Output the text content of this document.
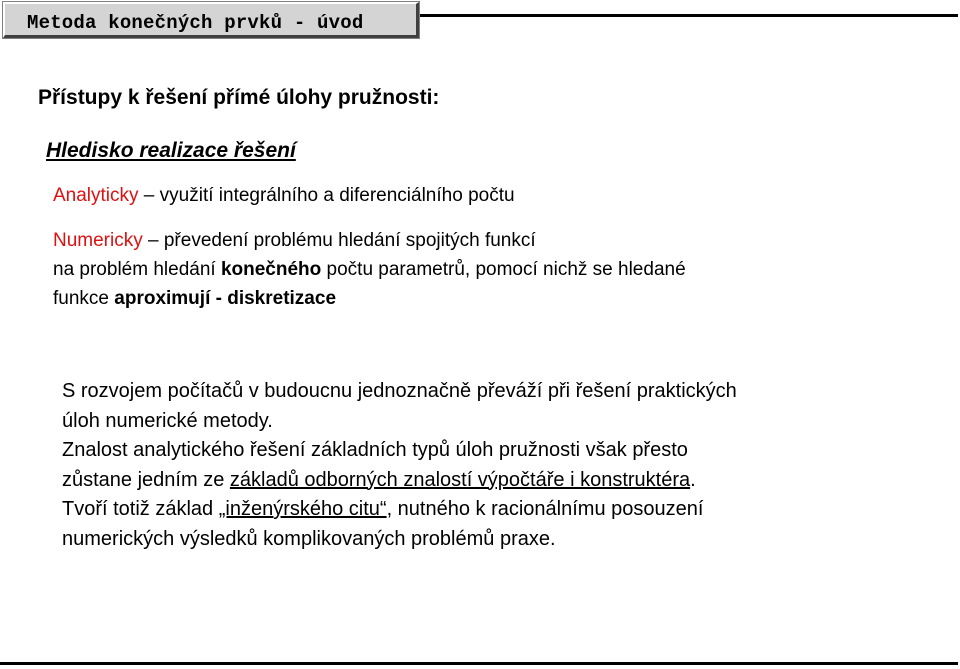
Metoda konečných prvků - úvod
Přístupy k řešení přímé úlohy pružnosti:
Hledisko realizace řešení
Analyticky – využití integrálního a diferenciálního počtu
Numericky – převedení problému hledání spojitých funkcí
na problém hledání konečného počtu parametrů, pomocí nichž se hledané
funkce aproximují - diskretizace
S rozvojem počítačů v budoucnu jednoznačně převáží při řešení praktických
úloh numerické metody.
Znalost analytického řešení základních typů úloh pružnosti však přesto
zůstane jedním ze základů odborných znalostí výpočtáře i konstruktéra.
Tvoří totiž základ „inženýrského citu“, nutného k racionálnímu posouzení
numerických výsledků komplikovaných problémů praxe.
